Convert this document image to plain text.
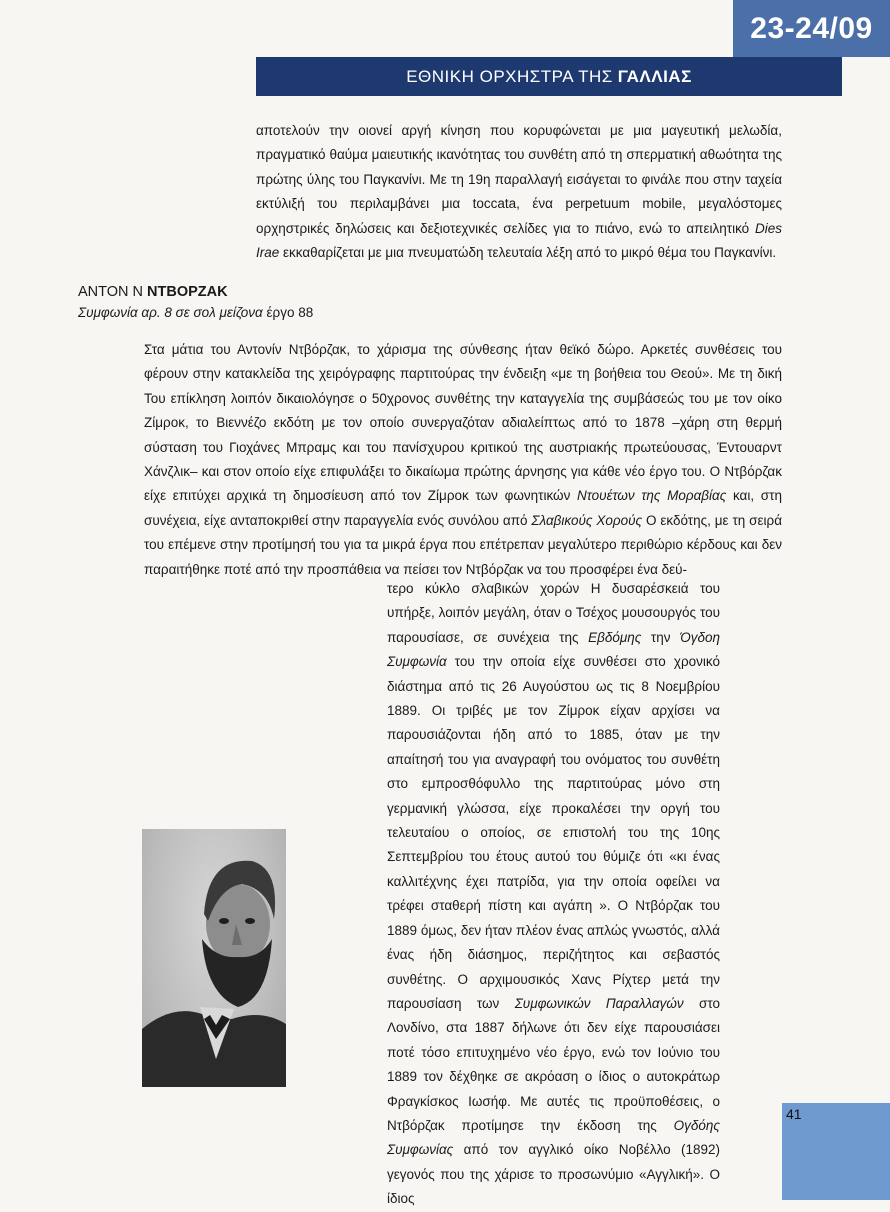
23-24/09
ΕΘΝΙΚΗ ΟΡΧΗΣΤΡΑ ΤΗΣ ΓΑΛΛΙΑΣ
αποτελούν την οιονεί αργή κίνηση που κορυφώνεται με μια μαγευτική μελωδία, πραγματικό θαύμα μαιευτικής ικανότητας του συνθέτη από τη σπερματική αθωότητα της πρώτης ύλης του Παγκανίνι. Με τη 19η παραλλαγή εισάγεται το φινάλε που στην ταχεία εκτύλιξή του περιλαμβάνει μια toccata, ένα perpetuum mobile, μεγαλόστομες ορχηστρικές δηλώσεις και δεξιοτεχνικές σελίδες για το πιάνο, ενώ το απειλητικό Dies Irae εκκαθαρίζεται με μια πνευματώδη τελευταία λέξη από το μικρό θέμα του Παγκανίνι.
ΑΝΤΟΝ Ν ΝΤΒΟΡΖΑΚ
Συμφωνία αρ. 8 σε σολ μείζονα έργο 88
Στα μάτια του Αντονίν Ντβόρζακ, το χάρισμα της σύνθεσης ήταν θεϊκό δώρο. Αρκετές συνθέσεις του φέρουν στην κατακλείδα της χειρόγραφης παρτιτούρας την ένδειξη «με τη βοήθεια του Θεού». Με τη δική Του επίκληση λοιπόν δικαιολόγησε ο 50χρονος συνθέτης την καταγγελία της συμβάσεώς του με τον οίκο Ζίμροκ, το Βιεννέζο εκδότη με τον οποίο συνεργαζόταν αδιαλείπτως από το 1878 –χάρη στη θερμή σύσταση του Γιοχάνες Μπραμς και του πανίσχυρου κριτικού της αυστριακής πρωτεύουσας, Έντουαρντ Χάνζλικ– και στον οποίο είχε επιφυλάξει το δικαίωμα πρώτης άρνησης για κάθε νέο έργο του. Ο Ντβόρζακ είχε επιτύχει αρχικά τη δημοσίευση από τον Ζίμροκ των φωνητικών Ντουέτων της Μοραβίας και, στη συνέχεια, είχε ανταποκριθεί στην παραγγελία ενός συνόλου από Σλαβικούς Χορούς Ο εκδότης, με τη σειρά του επέμενε στην προτίμησή του για τα μικρά έργα που επέτρεπαν μεγαλύτερο περιθώριο κέρδους και δεν παραιτήθηκε ποτέ από την προσπάθεια να πείσει τον Ντβόρζακ να του προσφέρει ένα δεύ-
τερο κύκλο σλαβικών χορών Η δυσαρέσκειά του υπήρξε, λοιπόν μεγάλη, όταν ο Τσέχος μουσουργός του παρουσίασε, σε συνέχεια της Εβδόμης την Όγδοη Συμφωνία του την οποία είχε συνθέσει στο χρονικό διάστημα από τις 26 Αυγούστου ως τις 8 Νοεμβρίου 1889. Οι τριβές με τον Ζίμροκ είχαν αρχίσει να παρουσιάζονται ήδη από το 1885, όταν με την απαίτησή του για αναγραφή του ονόματος του συνθέτη στο εμπροσθόφυλλο της παρτιτούρας μόνο στη γερμανική γλώσσα, είχε προκαλέσει την οργή του τελευταίου ο οποίος, σε επιστολή του της 10ης Σεπτεμβρίου του έτους αυτού του θύμιζε ότι «κι ένας καλλιτέχνης έχει πατρίδα, για την οποία οφείλει να τρέφει σταθερή πίστη και αγάπη ». Ο Ντβόρζακ του 1889 όμως, δεν ήταν πλέον ένας απλώς γνωστός, αλλά ένας ήδη διάσημος, περιζήτητος και σεβαστός συνθέτης. Ο αρχιμουσικός Χανς Ρίχτερ μετά την παρουσίαση των Συμφωνικών Παραλλαγών στο Λονδίνο, στα 1887 δήλωνε ότι δεν είχε παρουσιάσει ποτέ τόσο επιτυχημένο νέο έργο, ενώ τον Ιούνιο του 1889 τον δέχθηκε σε ακρόαση ο ίδιος ο αυτοκράτωρ Φραγκίσκος Ιωσήφ. Με αυτές τις προϋποθέσεις, ο Ντβόρζακ προτίμησε την έκδοση της Ογδόης Συμφωνίας από τον αγγλικό οίκο Νοβέλλο (1892) γεγονός που της χάρισε το προσωνύμιο «Αγγλική». Ο ίδιος
41
